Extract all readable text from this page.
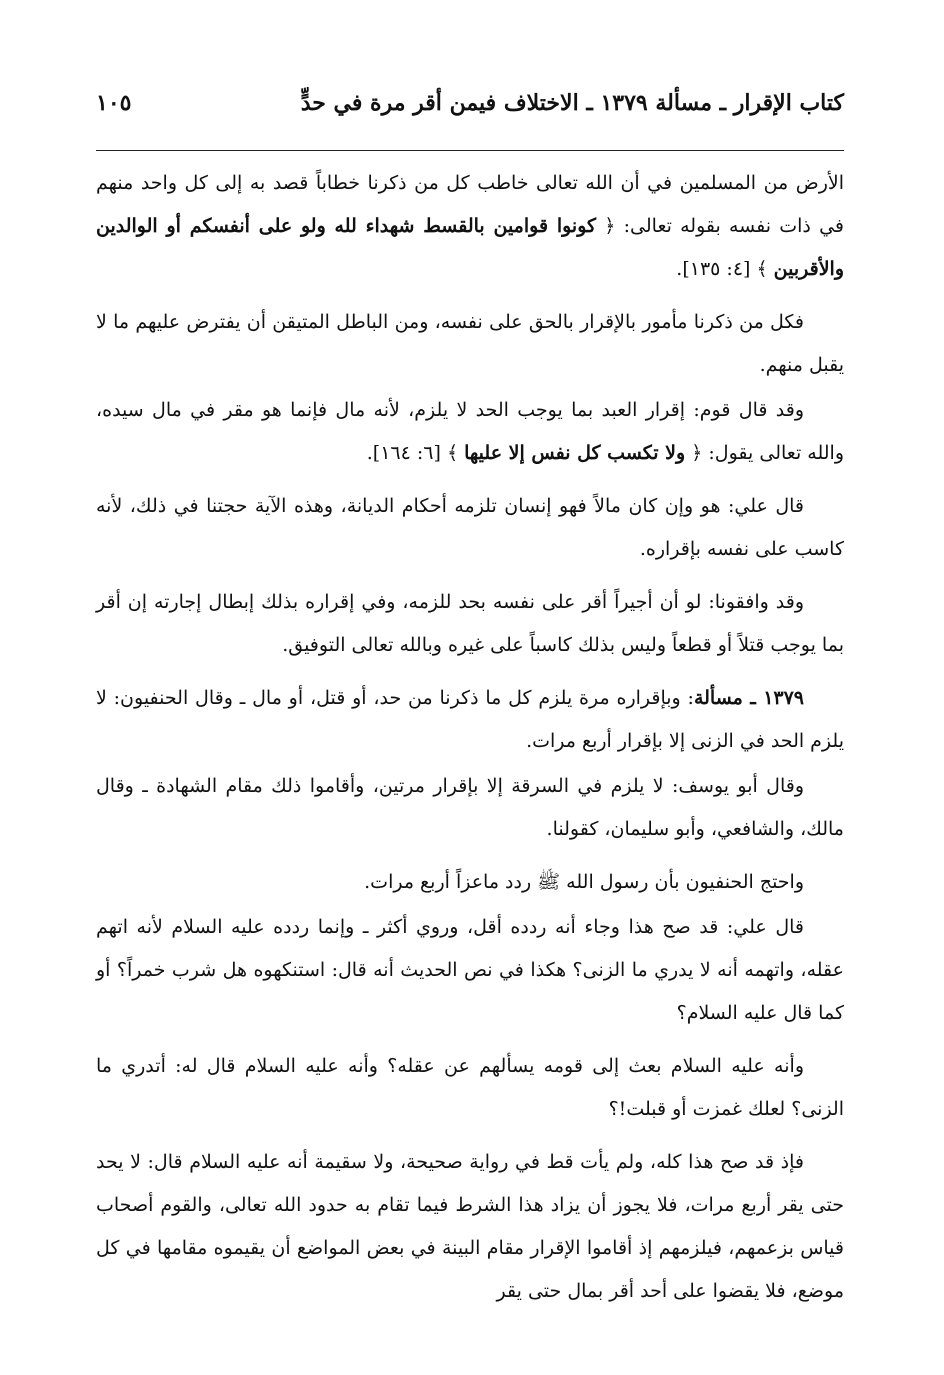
كتاب الإقرار ـ مسألة ١٣٧٩ ـ الاختلاف فيمن أقر مرة في حدٍّ
١٠٥

الأرض من المسلمين في أن الله تعالى خاطب كل من ذكرنا خطاباً قصد به إلى كل واحد منهم في ذات نفسه بقوله تعالى: ﴿ كونوا قوامين بالقسط شهداء لله ولو على أنفسكم أو الوالدين والأقربين ﴾ [٤: ١٣٥].

فكل من ذكرنا مأمور بالإقرار بالحق على نفسه، ومن الباطل المتيقن أن يفترض عليهم ما لا يقبل منهم.

وقد قال قوم: إقرار العبد بما يوجب الحد لا يلزم، لأنه مال فإنما هو مقر في مال سيده، والله تعالى يقول: ﴿ ولا تكسب كل نفس إلا عليها ﴾ [٦: ١٦٤].

قال علي: هو وإن كان مالاً فهو إنسان تلزمه أحكام الديانة، وهذه الآية حجتنا في ذلك، لأنه كاسب على نفسه بإقراره.

وقد وافقونا: لو أن أجيراً أقر على نفسه بحد للزمه، وفي إقراره بذلك إبطال إجارته إن أقر بما يوجب قتلاً أو قطعاً وليس بذلك كاسباً على غيره وبالله تعالى التوفيق.

١٣٧٩ ـ مسألة: وبإقراره مرة يلزم كل ما ذكرنا من حد، أو قتل، أو مال ـ وقال الحنفيون: لا يلزم الحد في الزنى إلا بإقرار أربع مرات.

وقال أبو يوسف: لا يلزم في السرقة إلا بإقرار مرتين، وأقاموا ذلك مقام الشهادة ـ وقال مالك، والشافعي، وأبو سليمان، كقولنا.

واحتج الحنفيون بأن رسول الله ﷺ ردد ماعزاً أربع مرات.

قال علي: قد صح هذا وجاء أنه ردده أقل، وروي أكثر ـ وإنما ردده عليه السلام لأنه اتهم عقله، واتهمه أنه لا يدري ما الزنى؟ هكذا في نص الحديث أنه قال: استنكهوه هل شرب خمراً؟ أو كما قال عليه السلام؟

وأنه عليه السلام بعث إلى قومه يسألهم عن عقله؟ وأنه عليه السلام قال له: أتدري ما الزنى؟ لعلك غمزت أو قبلت!؟

فإذ قد صح هذا كله، ولم يأت قط في رواية صحيحة، ولا سقيمة أنه عليه السلام قال: لا يحد حتى يقر أربع مرات، فلا يجوز أن يزاد هذا الشرط فيما تقام به حدود الله تعالى، والقوم أصحاب قياس بزعمهم، فيلزمهم إذ أقاموا الإقرار مقام البينة في بعض المواضع أن يقيموه مقامها في كل موضع، فلا يقضوا على أحد أقر بمال حتى يقر
